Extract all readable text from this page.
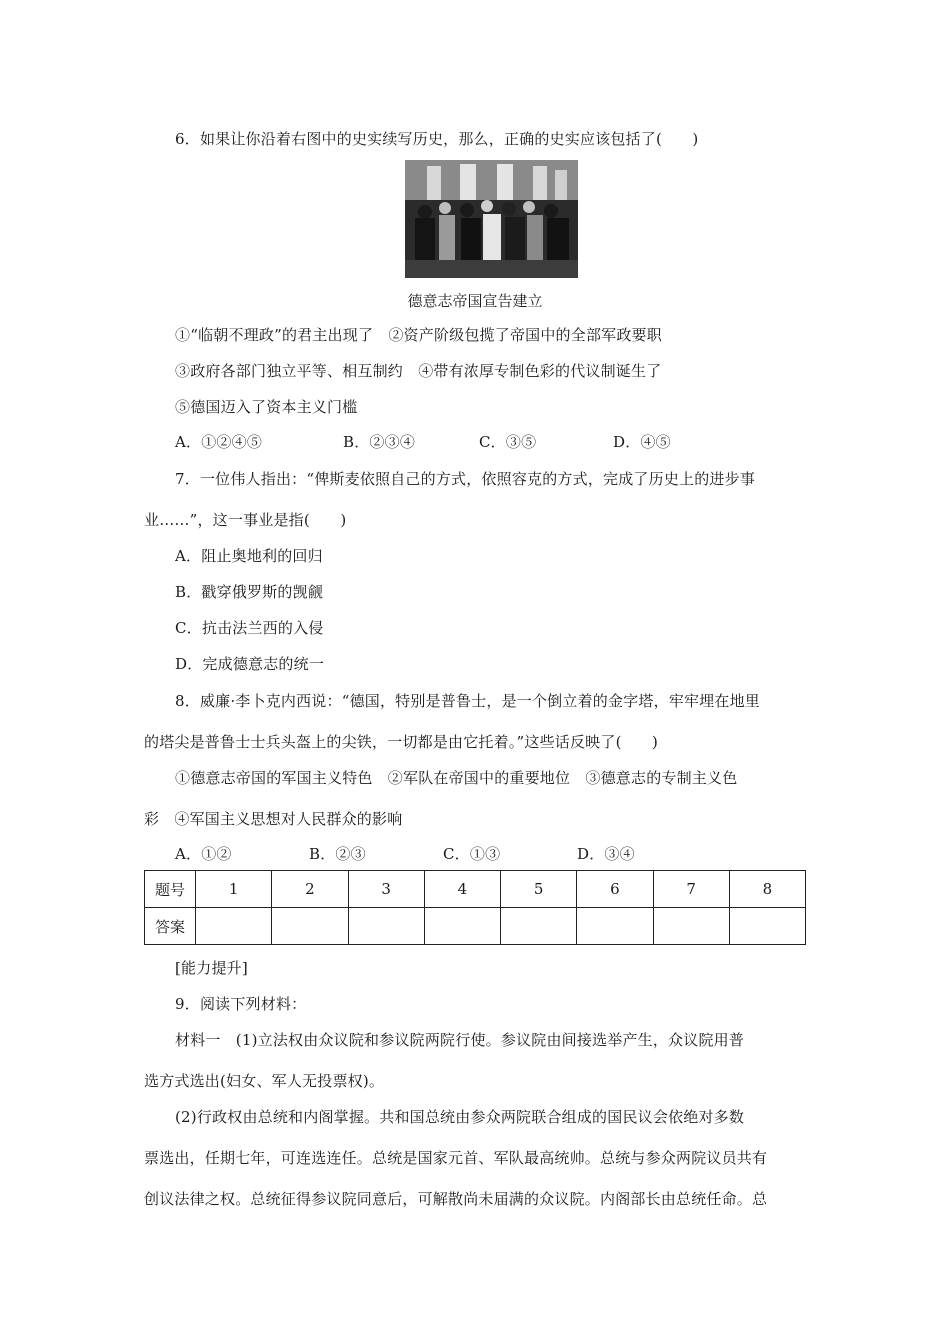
6．如果让你沿着右图中的史实续写历史，那么，正确的史实应该包括了(　　)
德意志帝国宣告建立
①“临朝不理政”的君主出现了　②资产阶级包揽了帝国中的全部军政要职
③政府各部门独立平等、相互制约　④带有浓厚专制色彩的代议制诞生了
⑤德国迈入了资本主义门槛
A．①②④⑤	B．②③④	C．③⑤	D．④⑤
7．一位伟人指出：“俾斯麦依照自己的方式，依照容克的方式，完成了历史上的进步事
业……”，这一事业是指(　　)
A．阻止奥地利的回归
B．戳穿俄罗斯的觊觎
C．抗击法兰西的入侵
D．完成德意志的统一
8．威廉·李卜克内西说：“德国，特别是普鲁士，是一个倒立着的金字塔，牢牢埋在地里
的塔尖是普鲁士士兵头盔上的尖铁，一切都是由它托着。”这些话反映了(　　)
①德意志帝国的军国主义特色　②军队在帝国中的重要地位　③德意志的专制主义色
彩　④军国主义思想对人民群众的影响
A．①②	B．②③	C．①③	D．③④
题号	1	2	3	4	5	6	7	8
答案								
[能力提升]
9．阅读下列材料：
材料一　(1)立法权由众议院和参议院两院行使。参议院由间接选举产生，众议院用普
选方式选出(妇女、军人无投票权)。
(2)行政权由总统和内阁掌握。共和国总统由参众两院联合组成的国民议会依绝对多数
票选出，任期七年，可连选连任。总统是国家元首、军队最高统帅。总统与参众两院议员共有
创议法律之权。总统征得参议院同意后，可解散尚未届满的众议院。内阁部长由总统任命。总
